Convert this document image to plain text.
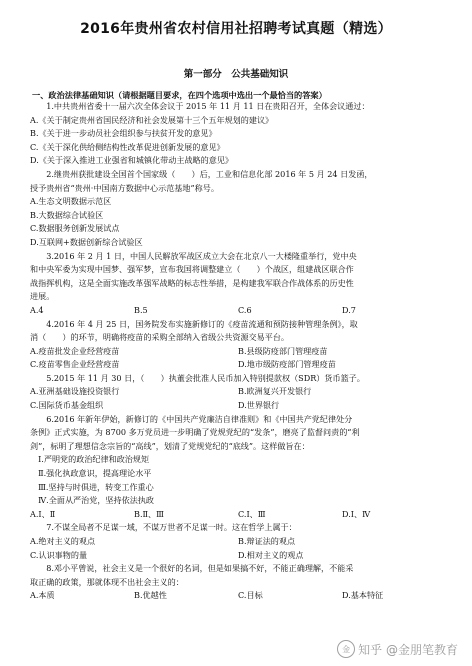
2016年贵州省农村信用社招聘考试真题（精选）
第一部分　公共基础知识
一、政治法律基础知识（请根据题目要求，在四个选项中选出一个最恰当的答案）

1.中共贵州省委十一届六次全体会议于 2015 年 11 月 11 日在贵阳召开，全体会议通过：

A.《关于制定贵州省国民经济和社会发展第十三个五年规划的建议》

B.《关于进一步动员社会组织参与扶贫开发的意见》

C.《关于深化供给侧结构性改革促进创新发展的意见》

D.《关于深入推进工业强省和城镇化带动主战略的意见》

2.继贵州获批建设全国首个国家级（　　）后，工业和信息化部 2016 年 5 月 24 日发函，

授予贵州省“贵州·中国南方数据中心示范基地”称号。

A.生态文明数据示范区

B.大数据综合试验区

C.数据服务创新发展试点

D.互联网+数据创新综合试验区

3.2016 年 2 月 1 日，中国人民解放军战区成立大会在北京八一大楼隆重举行，党中央

和中央军委为实现中国梦、强军梦，宣布我国将调整建立（　　）个战区，组建战区联合作

战指挥机构，这是全面实施改革强军战略的标志性举措，是构建我军联合作战体系的历史性

进展。

A.4	B.5	C.6	D.7

4.2016 年 4 月 25 日，国务院发布实施新修订的《疫苗流通和预防接种管理条例》，取

消（　　）的环节，明确将疫苗的采购全部纳入省级公共资源交易平台。

A.疫苗批发企业经营疫苗	B.县级防疫部门管理疫苗
C.疫苗零售企业经营疫苗	D.地市级防疫部门管理疫苗

5.2015 年 11 月 30 日，（　　）执董会批准人民币加入特别提款权（SDR）货币篮子。

A.亚洲基础设施投资银行	B.欧洲复兴开发银行
C.国际货币基金组织	D.世界银行

6.2016 年新年伊始，新修订的《中国共产党廉洁自律准则》和《中国共产党纪律处分

条例》正式实施，为 8700 多万党员进一步明确了党规党纪的“发条”，磨亮了监督问责的“利

剑”，标明了理想信念宗旨的“高线”，划清了党规党纪的“底线”。这样做旨在：

Ⅰ.严明党的政治纪律和政治规矩

Ⅱ.强化执政意识，提高理论水平

Ⅲ.坚持与时俱进，转变工作重心

Ⅳ.全面从严治党，坚持依法执政

A.Ⅰ、Ⅱ	B.Ⅱ、Ⅲ	C.Ⅰ、Ⅲ	D.Ⅰ、Ⅳ

7.不谋全局者不足谋一域，不谋万世者不足谋一时。这在哲学上属于：

A.绝对主义的观点	B.辩证法的观点
C.认识事物的量	D.相对主义的观点

8.邓小平曾说，社会主义是一个很好的名词，但是如果搞不好，不能正确理解，不能采

取正确的政策，那就体现不出社会主义的：

A.本质	B.优越性	C.目标	D.基本特征
金 知乎 @金朋笔教育
